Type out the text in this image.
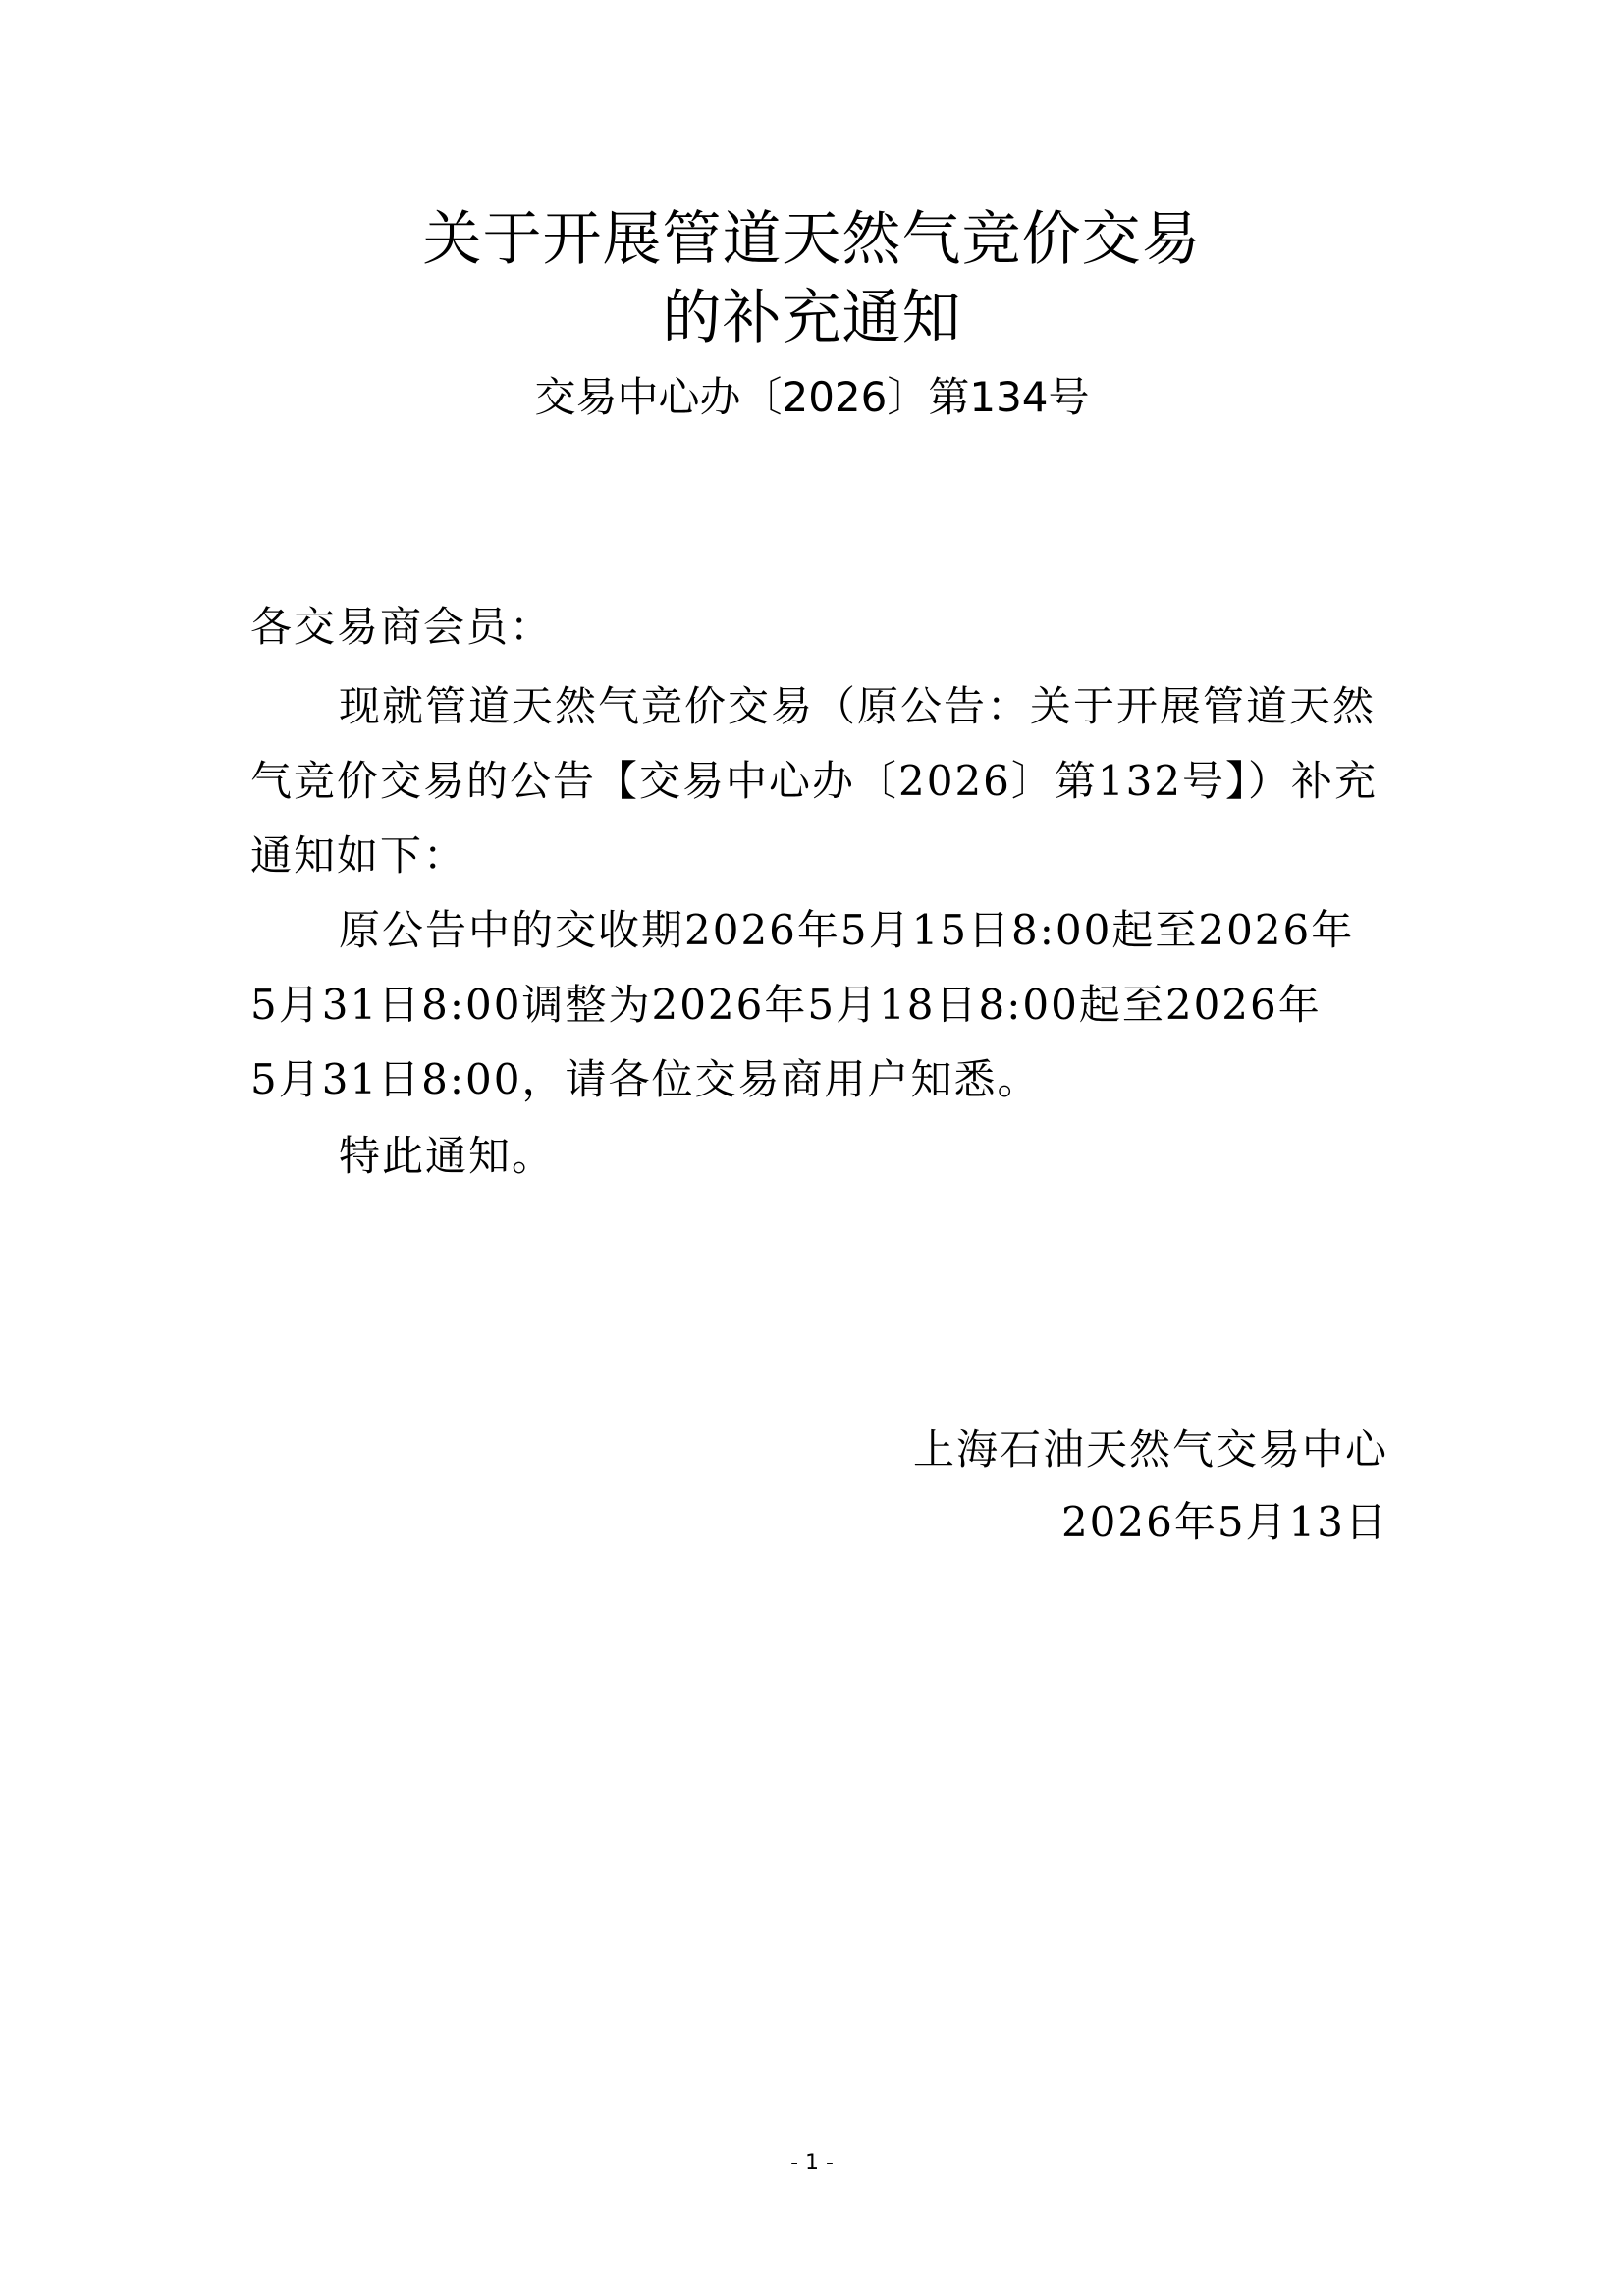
关于开展管道天然气竞价交易
的补充通知
交易中心办〔2026〕第134号
各交易商会员：
现就管道天然气竞价交易（原公告：关于开展管道天然
气竞价交易的公告【交易中心办〔2026〕第132号】）补充
通知如下：
原公告中的交收期2026年5月15日8:00起至2026年
5月31日8:00调整为2026年5月18日8:00起至2026年
5月31日8:00，请各位交易商用户知悉。
特此通知。
上海石油天然气交易中心
2026年5月13日
- 1 -
